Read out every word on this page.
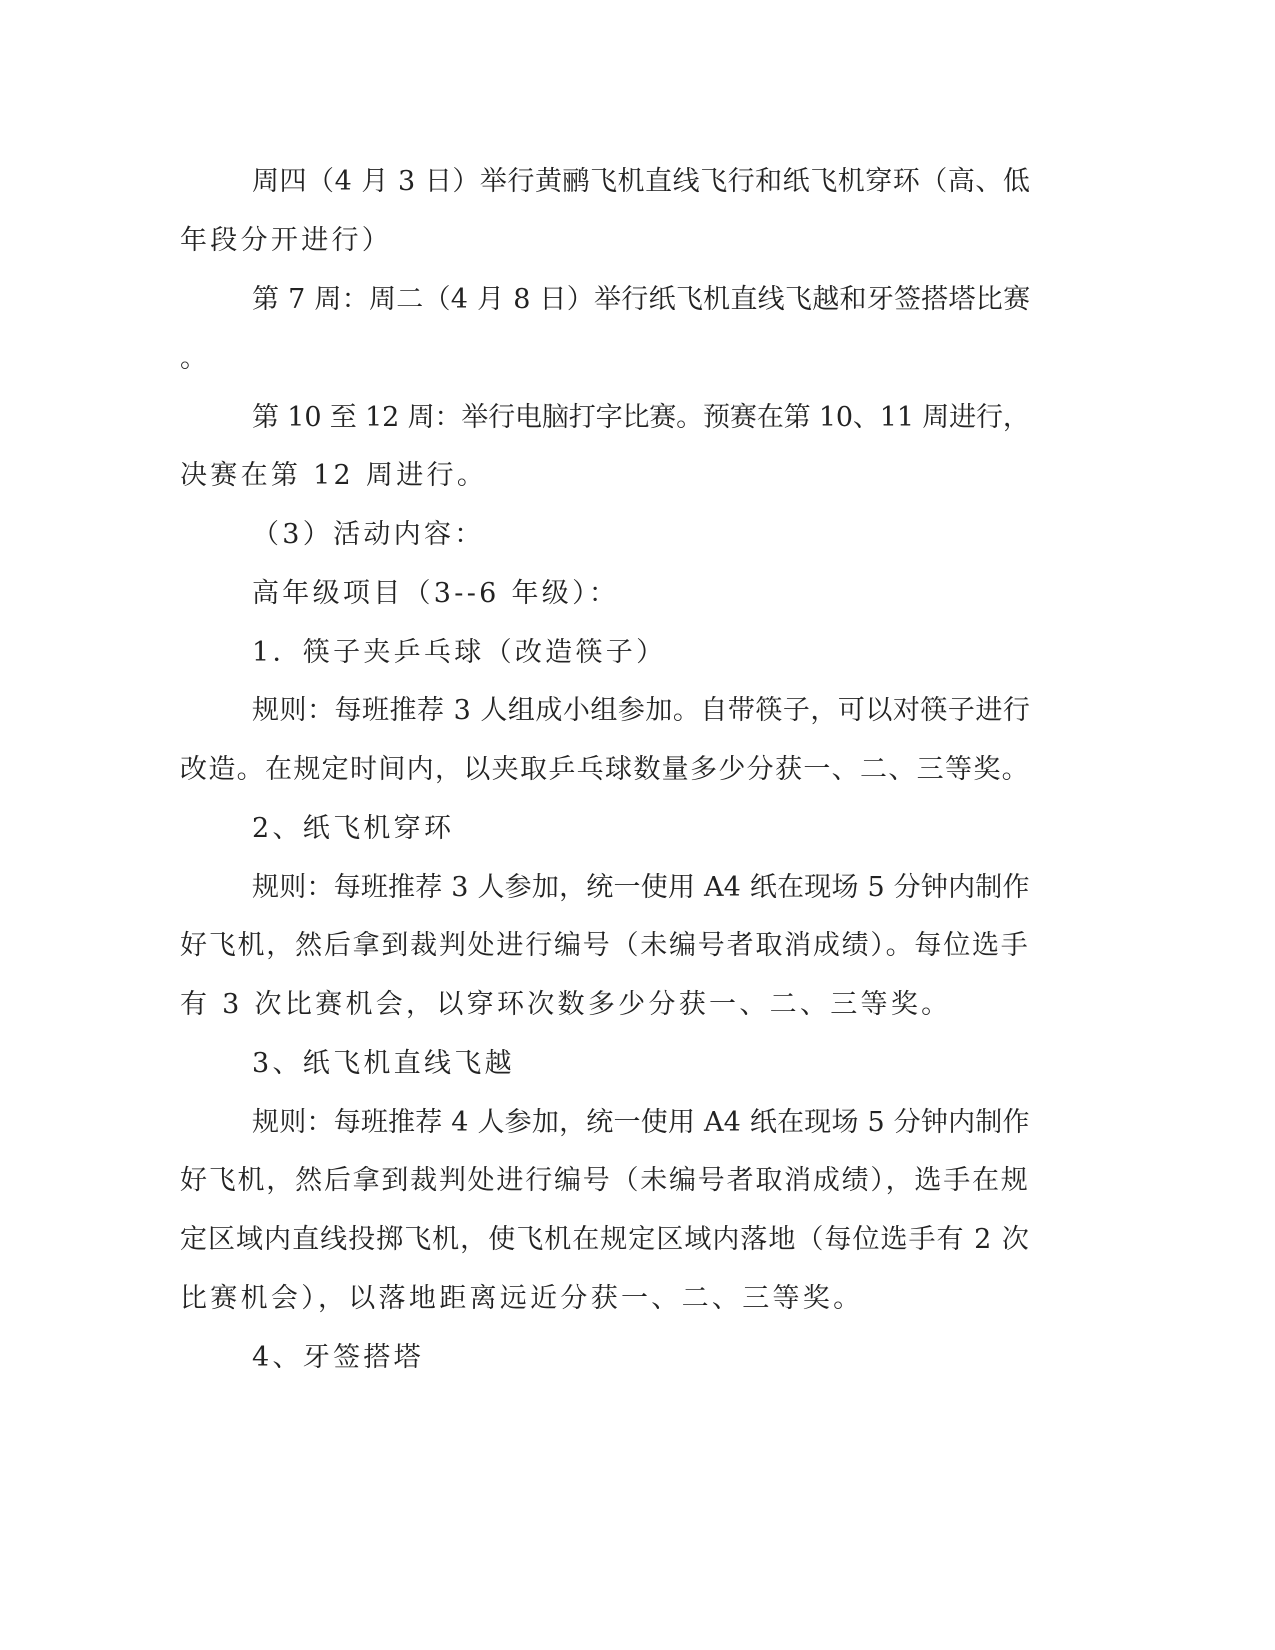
周四（4 月 3 日）举行黄鹂飞机直线飞行和纸飞机穿环（高、低
年段分开进行）
第 7 周：周二（4 月 8 日）举行纸飞机直线飞越和牙签搭塔比赛
。
第 10 至 12 周：举行电脑打字比赛。预赛在第 10、11 周进行，
决赛在第 12 周进行。
（3）活动内容：
高年级项目（3--6 年级）：
1．筷子夹乒乓球（改造筷子）
规则：每班推荐 3 人组成小组参加。自带筷子，可以对筷子进行
改造。在规定时间内，以夹取乒乓球数量多少分获一、二、三等奖。
2、纸飞机穿环
规则：每班推荐 3 人参加，统一使用 A4 纸在现场 5 分钟内制作
好飞机，然后拿到裁判处进行编号（未编号者取消成绩）。每位选手
有 3 次比赛机会，以穿环次数多少分获一、二、三等奖。
3、纸飞机直线飞越
规则：每班推荐 4 人参加，统一使用 A4 纸在现场 5 分钟内制作
好飞机，然后拿到裁判处进行编号（未编号者取消成绩），选手在规
定区域内直线投掷飞机，使飞机在规定区域内落地（每位选手有 2 次
比赛机会），以落地距离远近分获一、二、三等奖。
4、牙签搭塔
